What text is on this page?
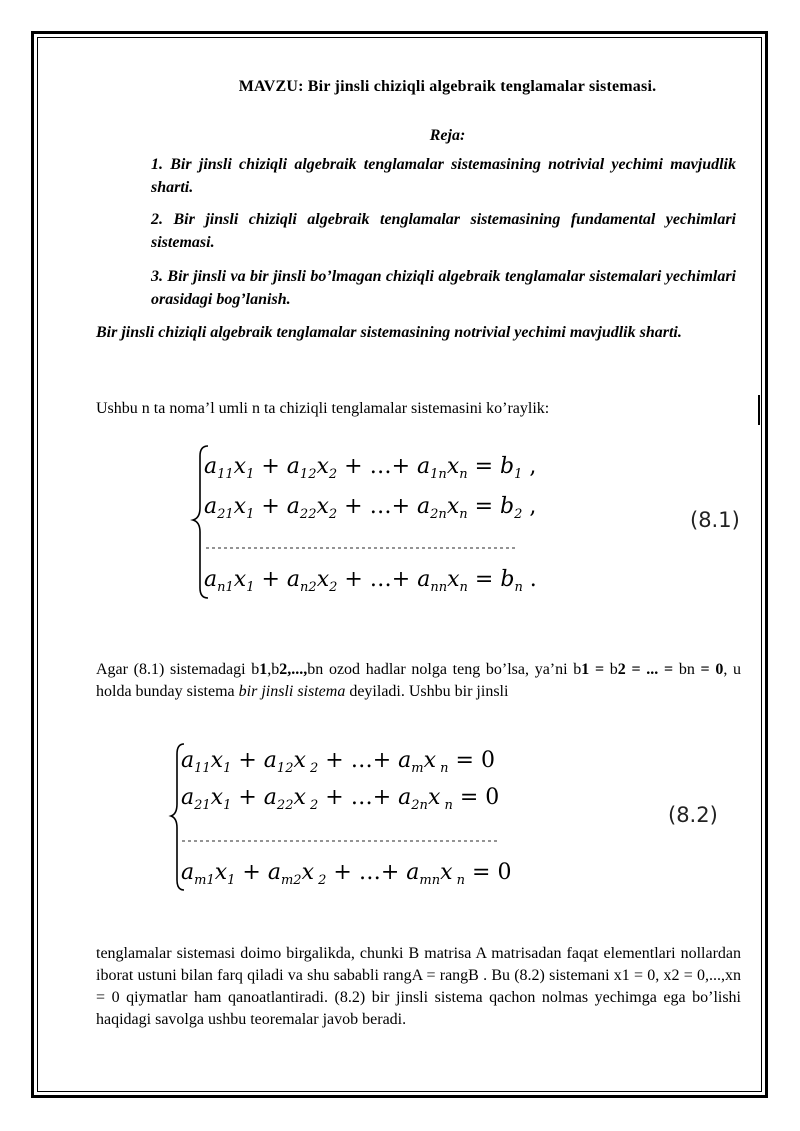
MAVZU: Bir jinsli chiziqli algebraik tenglamalar sistemasi.
Reja:
1. Bir jinsli chiziqli algebraik tenglamalar sistemasining notrivial yechimi mavjudlik sharti.
2. Bir jinsli chiziqli algebraik tenglamalar sistemasining fundamental yechimlari sistemasi.
3. Bir jinsli va bir jinsli bo’lmagan chiziqli algebraik tenglamalar sistemalari yechimlari orasidagi bog’lanish.
Bir jinsli chiziqli algebraik tenglamalar sistemasining notrivial yechimi mavjudlik sharti.
Ushbu n ta noma’l umli n ta chiziqli tenglamalar sistemasini ko’raylik:
$a_{11}x_1 + a_{12}x_2$ + …+ $a_{1n}x_n = b_1$ ,
$a_{21}x_1 + a_{22}x_2$ + …+ $a_{2n}x_n = b_2$ ,
$a_{n1}x_1 + a_{n2}x_2$ + …+ $a_{nn}x_n = b_n$ .
(8.1)
Agar (8.1) sistemadagi b1,b2,...,bn ozod hadlar nolga teng bo’lsa, ya’ni b1 = b2 = ... = bn = 0, u holda bunday sistema bir jinsli sistema deyiladi. Ushbu bir jinsli
$a_{11}x_1 + a_{12}x$ $_2$ + …+ $a_mx$ $_n$ = 0
$a_{21}x_1 + a_{22}x$ $_2$ + …+ $a_{2n}x$ $_n$ = 0
$a_{m1}x_1 + a_{m2}x$ $_2$ + …+ $a_{mn}x$ $_n$ = 0
(8.2)
tenglamalar sistemasi doimo birgalikda, chunki B matrisa A matrisadan faqat elementlari nollardan iborat ustuni bilan farq qiladi va shu sababli rangA = rangB . Bu (8.2) sistemani x1 = 0, x2 = 0,...,xn = 0 qiymatlar ham qanoatlantiradi. (8.2) bir jinsli sistema qachon nolmas yechimga ega bo’lishi haqidagi savolga ushbu teoremalar javob beradi.
